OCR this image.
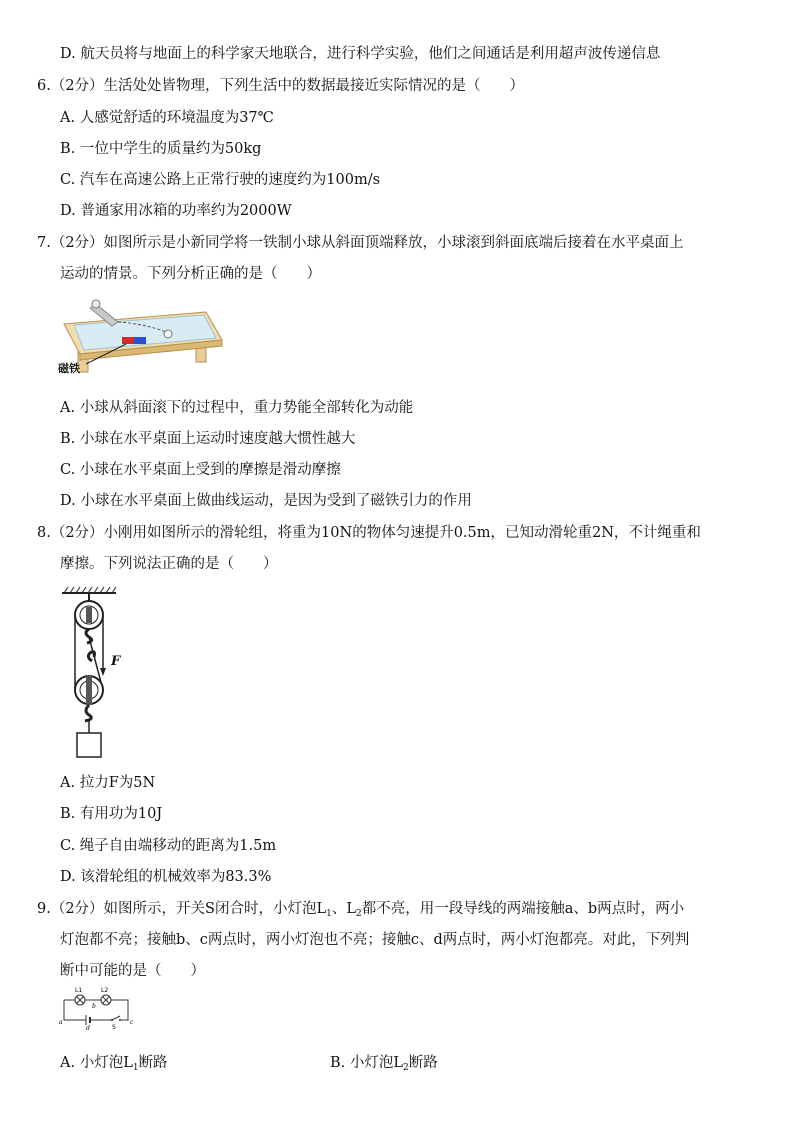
D. 航天员将与地面上的科学家天地联合，进行科学实验，他们之间通话是利用超声波传递信息
6.（2分）生活处处皆物理，下列生活中的数据最接近实际情况的是（　　）
A. 人感觉舒适的环境温度为37℃
B. 一位中学生的质量约为50kg
C. 汽车在高速公路上正常行驶的速度约为100m/s
D. 普通家用冰箱的功率约为2000W
7.（2分）如图所示是小新同学将一铁制小球从斜面顶端释放，小球滚到斜面底端后接着在水平桌面上
运动的情景。下列分析正确的是（　　）
磁铁
A. 小球从斜面滚下的过程中，重力势能全部转化为动能
B. 小球在水平桌面上运动时速度越大惯性越大
C. 小球在水平桌面上受到的摩擦是滑动摩擦
D. 小球在水平桌面上做曲线运动，是因为受到了磁铁引力的作用
8.（2分）小刚用如图所示的滑轮组，将重为10N的物体匀速提升0.5m，已知动滑轮重2N，不计绳重和
摩擦。下列说法正确的是（　　）
F
A. 拉力F为5N
B. 有用功为10J
C. 绳子自由端移动的距离为1.5m
D. 该滑轮组的机械效率为83.3%
9.（2分）如图所示，开关S闭合时，小灯泡$L_1$、$L_2$都不亮，用一段导线的两端接触a、b两点时，两小
灯泡都不亮；接触b、c两点时，两小灯泡也不亮；接触c、d两点时，两小灯泡都亮。对此，下列判
断中可能的是（　　）
L1	L2
a
b
c
d	S
A. 小灯泡$L_1$断路	B. 小灯泡$L_2$断路
